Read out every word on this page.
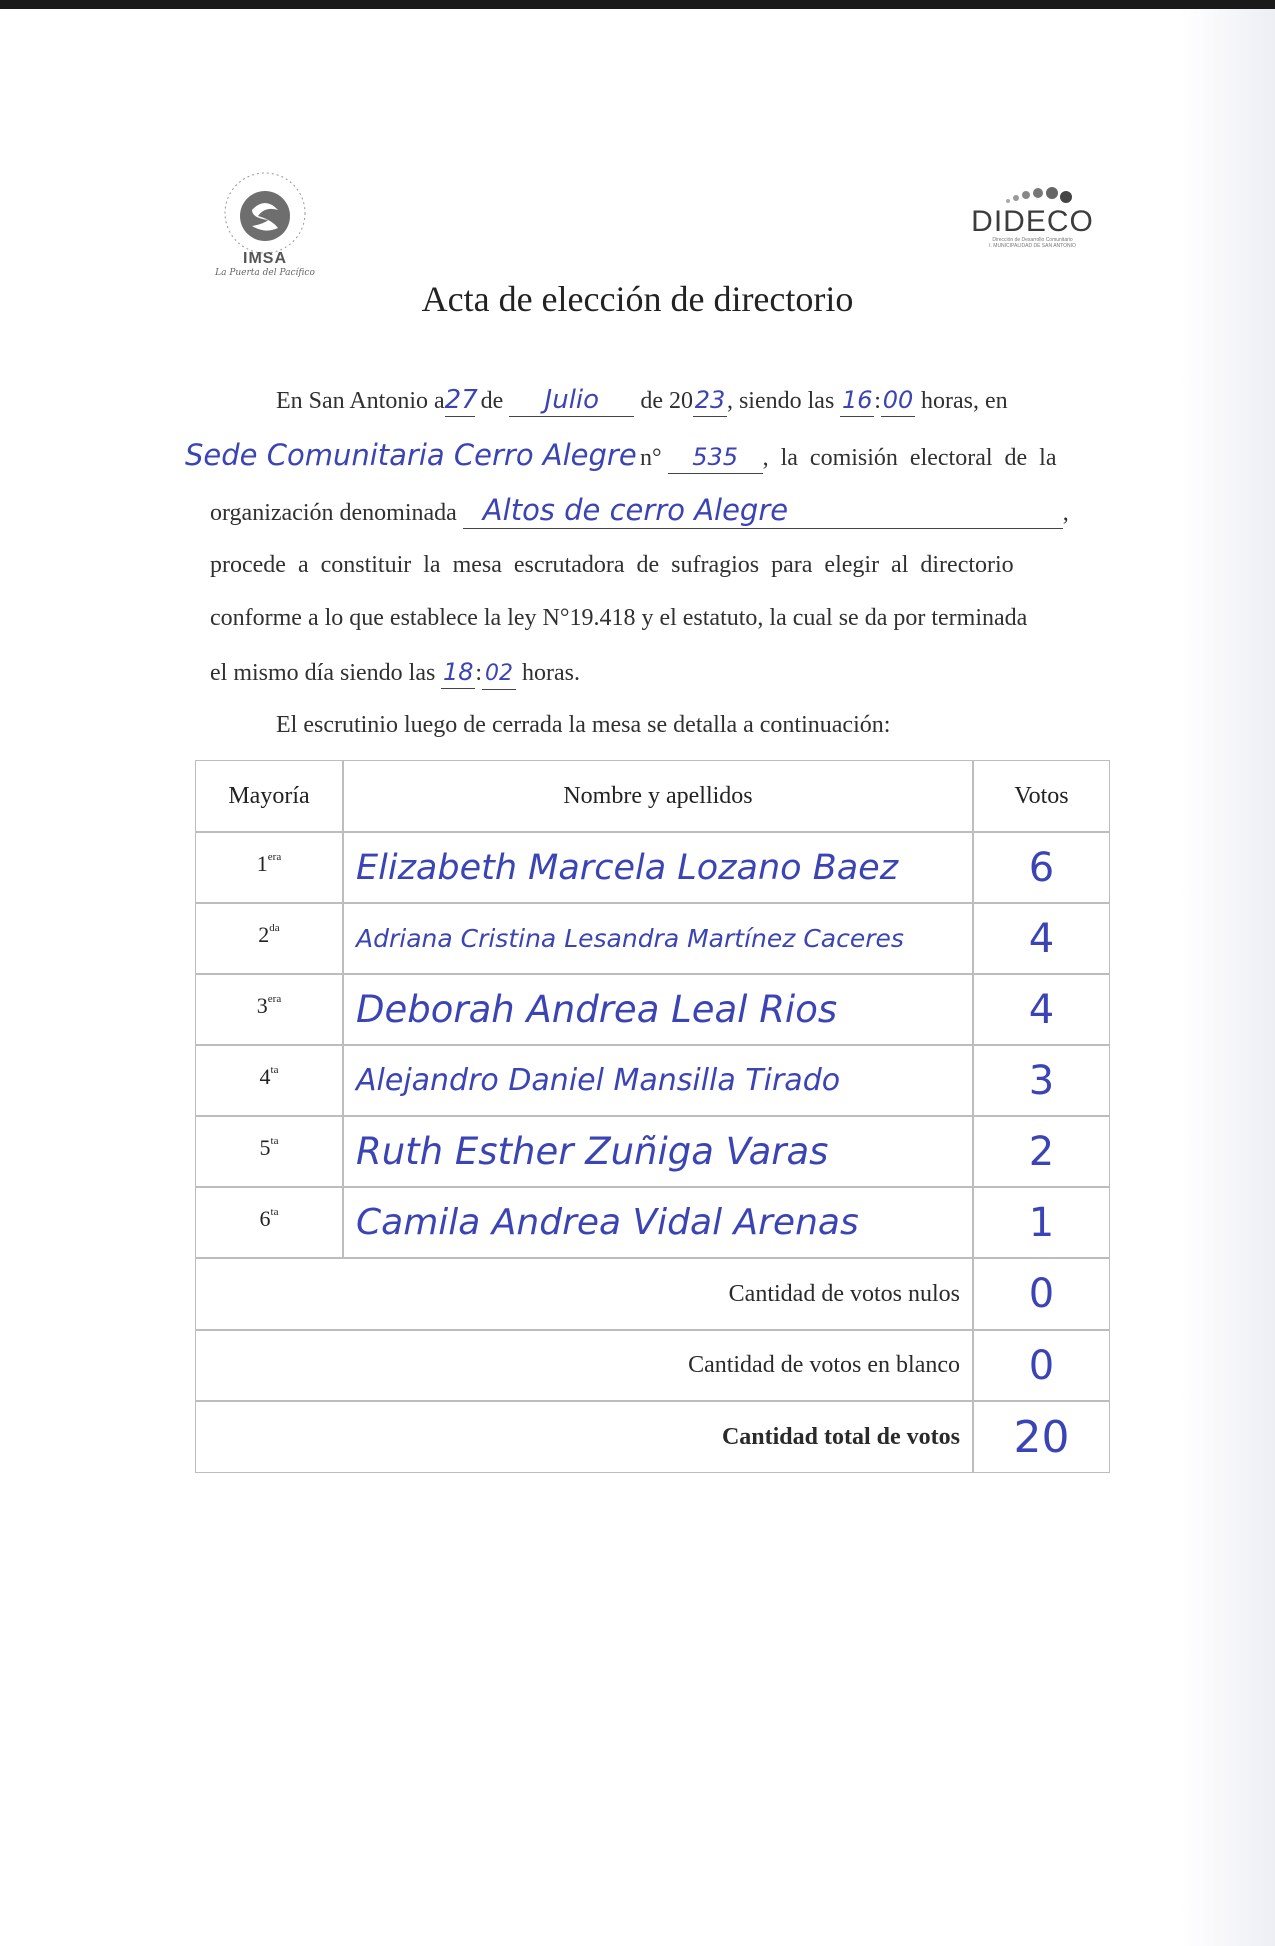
IMSA
La Puerta del Pacífico
DIDECO
Dirección de Desarrollo Comunitario
I. MUNICIPALIDAD DE SAN ANTONIO
Acta de elección de directorio
En San Antonio a27 de Julio de 2023, siendo las 16:00 horas, en
Sede Comunitaria Cerro Alegre n° 535 , la comisión electoral de la
organización denominada Altos de cerro Alegre	,
procede a constituir la mesa escrutadora de sufragios para elegir al directorio
conforme a lo que establece la ley N°19.418 y el estatuto, la cual se da por terminada
el mismo día siendo las 18: 02 horas.
El escrutinio luego de cerrada la mesa se detalla a continuación:
Mayoría	Nombre y apellidos	Votos
$1^{era}$	Elizabeth Marcela Lozano Baez	6
$2^{da}$	Adriana Cristina Lesandra Martínez Caceres	4
$3^{era}$	Deborah Andrea Leal Rios	4
$4^{ta}$	Alejandro Daniel Mansilla Tirado	3
$5^{ta}$	Ruth Esther Zuñiga Varas	2
$6^{ta}$	Camila Andrea Vidal Arenas	1
Cantidad de votos nulos	0
Cantidad de votos en blanco	0
Cantidad total de votos	20
